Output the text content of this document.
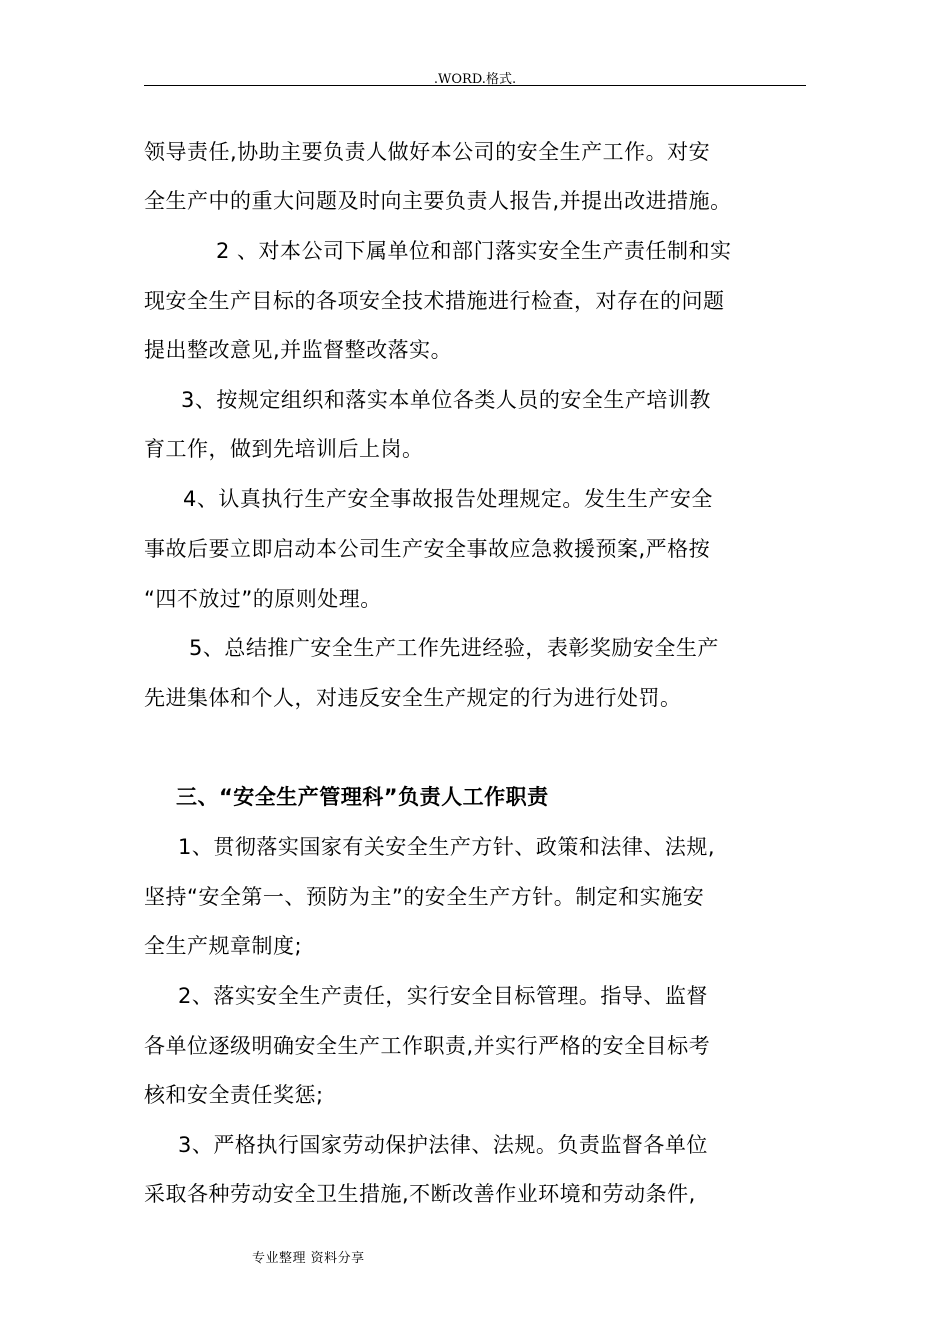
.WORD.格式.
领导责任,协助主要负责人做好本公司的安全生产工作。对安
全生产中的重大问题及时向主要负责人报告,并提出改进措施。
2 、对本公司下属单位和部门落实安全生产责任制和实
现安全生产目标的各项安全技术措施进行检查，对存在的问题
提出整改意见,并监督整改落实。
3、按规定组织和落实本单位各类人员的安全生产培训教
育工作，做到先培训后上岗。
4、认真执行生产安全事故报告处理规定。发生生产安全
事故后要立即启动本公司生产安全事故应急救援预案,严格按
“四不放过”的原则处理。
5、总结推广安全生产工作先进经验，表彰奖励安全生产
先进集体和个人，对违反安全生产规定的行为进行处罚。
三、“安全生产管理科”负责人工作职责
1、贯彻落实国家有关安全生产方针、政策和法律、法规,
坚持“安全第一、预防为主”的安全生产方针。制定和实施安
全生产规章制度;
2、落实安全生产责任，实行安全目标管理。指导、监督
各单位逐级明确安全生产工作职责,并实行严格的安全目标考
核和安全责任奖惩;
3、严格执行国家劳动保护法律、法规。负责监督各单位
采取各种劳动安全卫生措施,不断改善作业环境和劳动条件,
专业整理 资料分享
